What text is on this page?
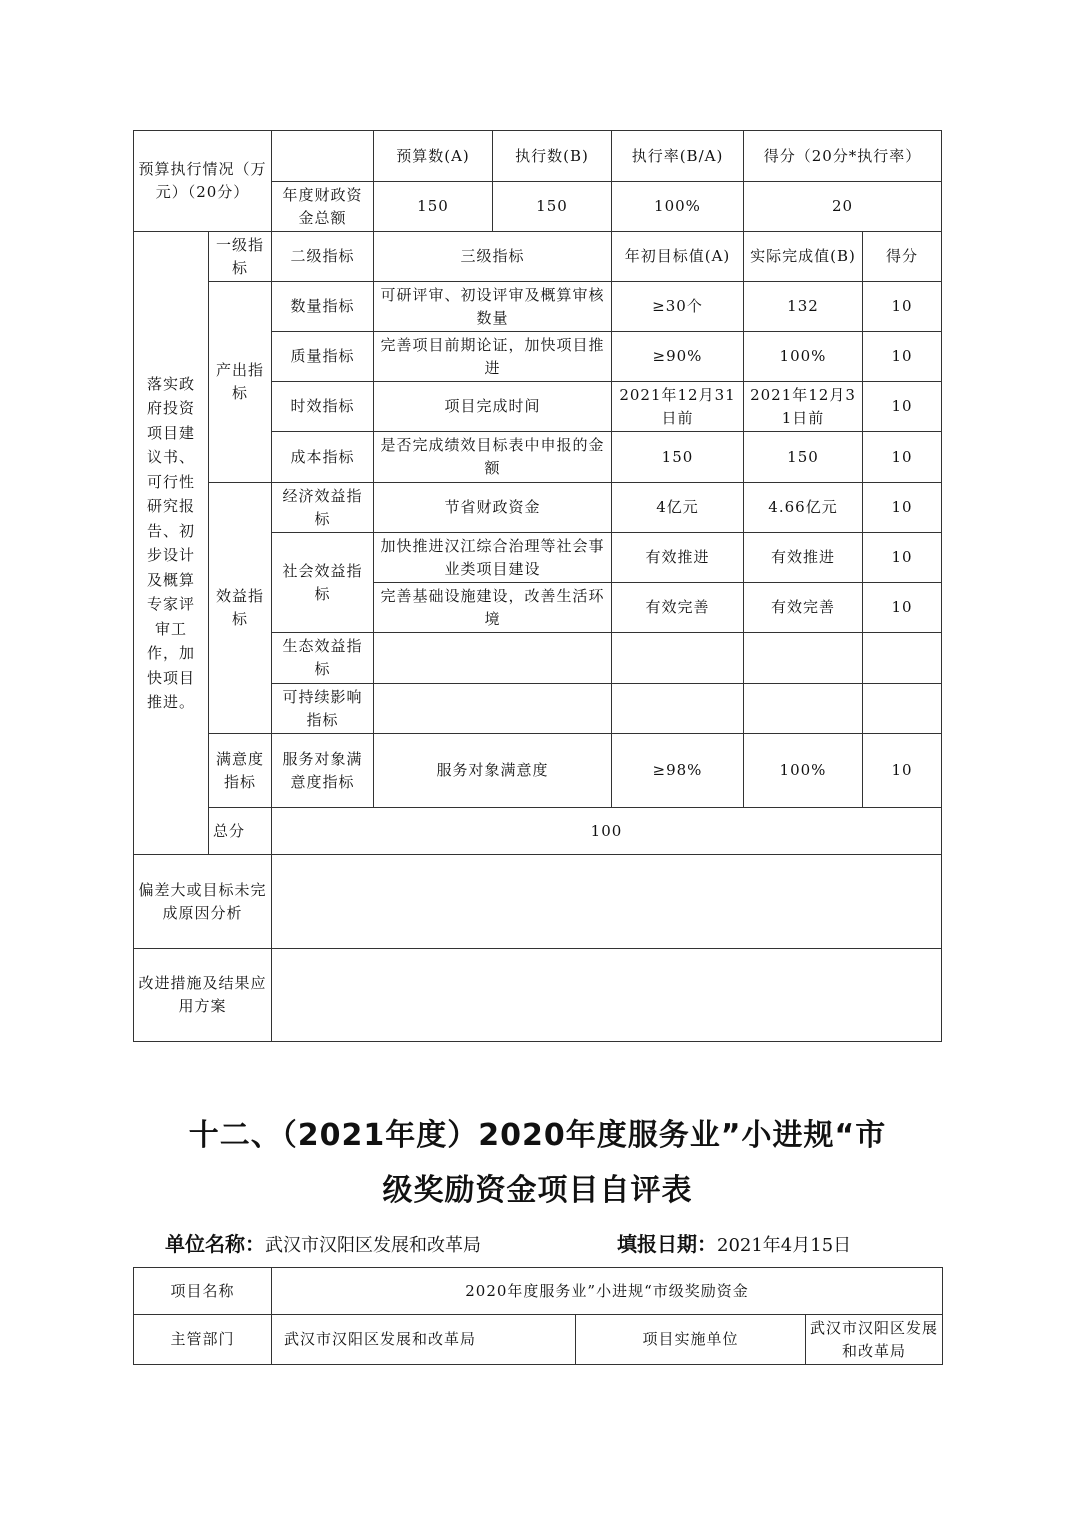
预算执行情况（万元）（20分）			预算数(A)	执行数(B)	执行率(B/A)	得分（20分*执行率）	
		年度财政资金总额	150	150	100%	20	
落实政府投资项目建议书、可行性研究报告、初步设计及概算专家评审工作，加快项目推进。	一级指标	二级指标	三级指标		年初目标值(A)	实际完成值(B)	得分
	产出指标	数量指标	可研评审、初设评审及概算审核数量		≥30个	132	10
		质量指标	完善项目前期论证，加快项目推进		≥90%	100%	10
		时效指标	项目完成时间		2021年12月31日前	2021年12月31日前	10
		成本指标	是否完成绩效目标表中申报的金额		150	150	10
	效益指标	经济效益指标	节省财政资金		4亿元	4.66亿元	10
		社会效益指标	加快推进汉江综合治理等社会事业类项目建设		有效推进	有效推进	10
			完善基础设施建设，改善生活环境		有效完善	有效完善	10
		生态效益指标					
		可持续影响指标					
	满意度指标	服务对象满意度指标	服务对象满意度		≥98%	100%	10
	总分	100					
偏差大或目标未完成原因分析							
改进措施及结果应用方案							
十二、（2021年度）2020年度服务业”小进规“市
级奖励资金项目自评表
单位名称：武汉市汉阳区发展和改革局	填报日期：2021年4月15日
项目名称	2020年度服务业”小进规“市级奖励资金		
主管部门	武汉市汉阳区发展和改革局	项目实施单位	武汉市汉阳区发展和改革局
